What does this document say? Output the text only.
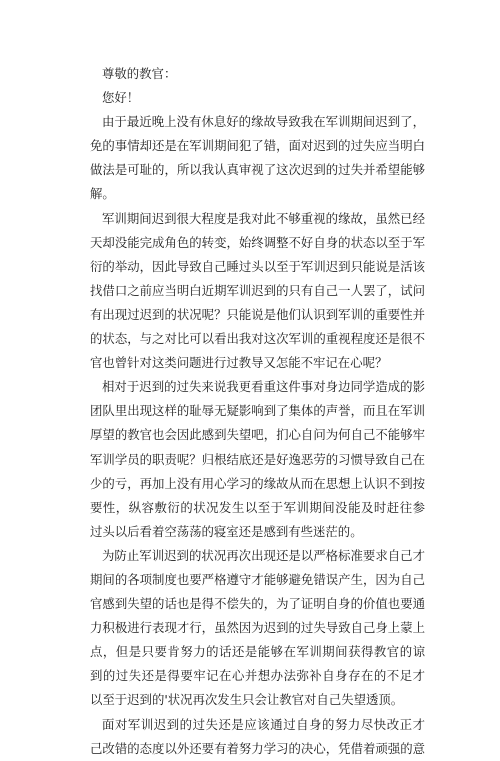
尊敬的教官：

您好！

由于最近晚上没有休息好的缘故导致我在军训期间迟到了，

免的事情却还是在军训期间犯了错，面对迟到的过失应当明白

做法是可耻的，所以我认真审视了这次迟到的过失并希望能够

解。

军训期间迟到很大程度是我对此不够重视的缘故，虽然已经

天却没能完成角色的转变，始终调整不好自身的状态以至于军

衍的举动，因此导致自己睡过头以至于军训迟到只能说是活该

找借口之前应当明白近期军训迟到的只有自己一人罢了，试问

有出现过迟到的状况呢？只能说是他们认识到军训的重要性并

的状态，与之对比可以看出我对这次军训的重视程度还是很不

官也曾针对这类问题进行过教导又怎能不牢记在心呢？

相对于迟到的过失来说我更看重这件事对身边同学造成的影

团队里出现这样的耻辱无疑影响到了集体的声誉，而且在军训

厚望的教官也会因此感到失望吧，扪心自问为何自己不能够牢

军训学员的职责呢？归根结底还是好逸恶劳的习惯导致自己在

少的亏，再加上没有用心学习的缘故从而在思想上认识不到按

要性，纵容敷衍的状况发生以至于军训期间没能及时赶往参

过头以后看着空荡荡的寝室还是感到有些迷茫的。

为防止军训迟到的状况再次出现还是以严格标准要求自己才

期间的各项制度也要严格遵守才能够避免错误产生，因为自己

官感到失望的话也是得不偿失的，为了证明自身的价值也要通

力积极进行表现才行，虽然因为迟到的过失导致自己身上蒙上

点，但是只要肯努力的话还是能够在军训期间获得教官的谅

到的过失还是得要牢记在心并想办法弥补自身存在的不足才

以至于迟到的'状况再次发生只会让教官对自己失望透顶。

面对军训迟到的过失还是应该通过自身的努力尽快改正才

己改错的态度以外还要有着努力学习的决心，凭借着顽强的意
